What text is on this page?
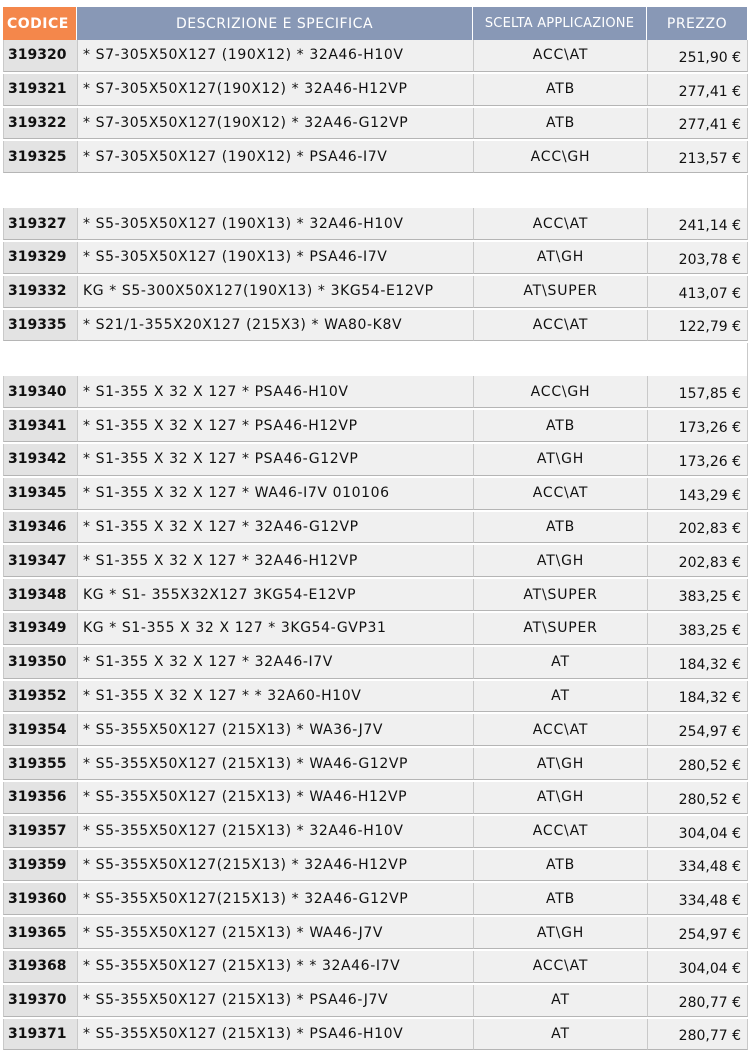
CODICE	DESCRIZIONE E SPECIFICA	SCELTA APPLICAZIONE	PREZZO
319320	* S7-305X50X127 (190X12) * 32A46-H10V	ACC\AT	251,90 €
319321	* S7-305X50X127(190X12) * 32A46-H12VP	ATB	277,41 €
319322	* S7-305X50X127(190X12) * 32A46-G12VP	ATB	277,41 €
319325	* S7-305X50X127 (190X12) * PSA46-I7V	ACC\GH	213,57 €
319327	* S5-305X50X127 (190X13) * 32A46-H10V	ACC\AT	241,14 €
319329	* S5-305X50X127 (190X13) * PSA46-I7V	AT\GH	203,78 €
319332	KG * S5-300X50X127(190X13) * 3KG54-E12VP	AT\SUPER	413,07 €
319335	* S21/1-355X20X127 (215X3) * WA80-K8V	ACC\AT	122,79 €
319340	* S1-355 X 32 X 127 * PSA46-H10V	ACC\GH	157,85 €
319341	* S1-355 X 32 X 127 * PSA46-H12VP	ATB	173,26 €
319342	* S1-355 X 32 X 127 * PSA46-G12VP	AT\GH	173,26 €
319345	* S1-355 X 32 X 127 * WA46-I7V 010106	ACC\AT	143,29 €
319346	* S1-355 X 32 X 127 * 32A46-G12VP	ATB	202,83 €
319347	* S1-355 X 32 X 127 * 32A46-H12VP	AT\GH	202,83 €
319348	KG * S1- 355X32X127 3KG54-E12VP	AT\SUPER	383,25 €
319349	KG * S1-355 X 32 X 127 * 3KG54-GVP31	AT\SUPER	383,25 €
319350	* S1-355 X 32 X 127 * 32A46-I7V	AT	184,32 €
319352	* S1-355 X 32 X 127 * * 32A60-H10V	AT	184,32 €
319354	* S5-355X50X127 (215X13) * WA36-J7V	ACC\AT	254,97 €
319355	* S5-355X50X127 (215X13) * WA46-G12VP	AT\GH	280,52 €
319356	* S5-355X50X127 (215X13) * WA46-H12VP	AT\GH	280,52 €
319357	* S5-355X50X127 (215X13) * 32A46-H10V	ACC\AT	304,04 €
319359	* S5-355X50X127(215X13) * 32A46-H12VP	ATB	334,48 €
319360	* S5-355X50X127(215X13) * 32A46-G12VP	ATB	334,48 €
319365	* S5-355X50X127 (215X13) * WA46-J7V	AT\GH	254,97 €
319368	* S5-355X50X127 (215X13) * * 32A46-I7V	ACC\AT	304,04 €
319370	* S5-355X50X127 (215X13) * PSA46-J7V	AT	280,77 €
319371	* S5-355X50X127 (215X13) * PSA46-H10V	AT	280,77 €
